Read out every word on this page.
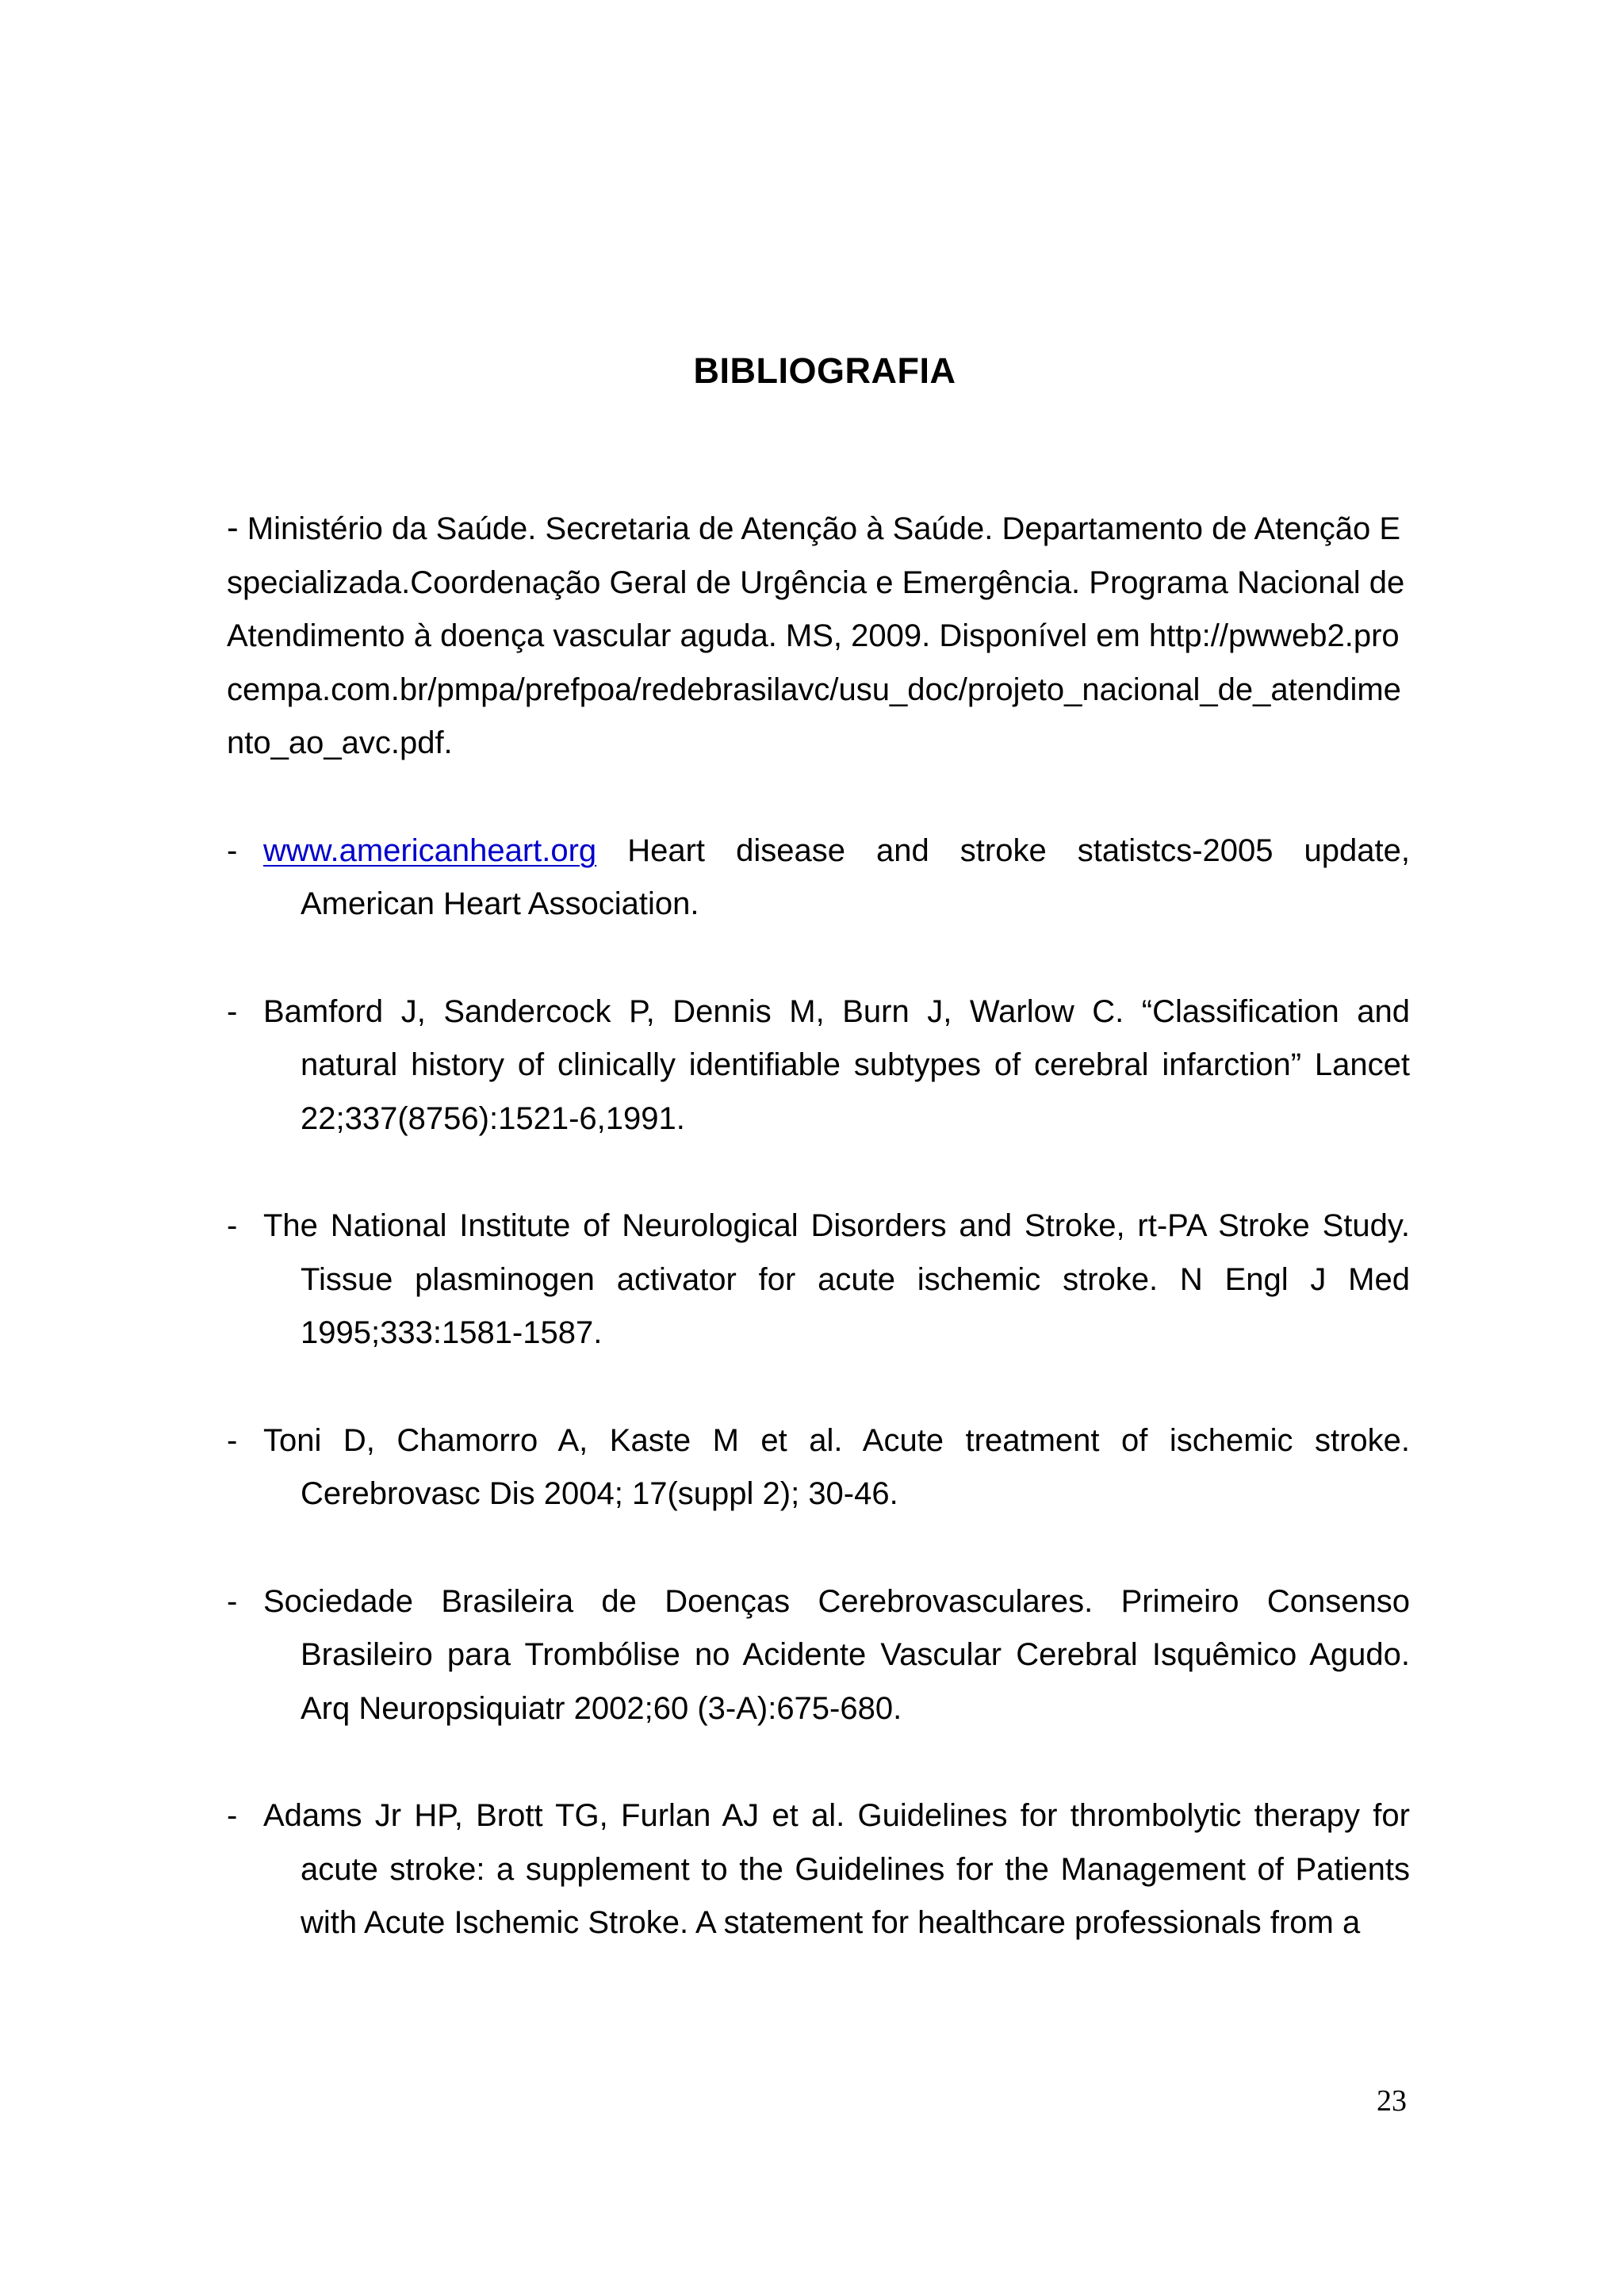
BIBLIOGRAFIA

- Ministério da Saúde. Secretaria de Atenção à Saúde. Departamento de Atenção Especializada.Coordenação Geral de Urgência e Emergência. Programa Nacional de Atendimento à doença vascular aguda. MS, 2009. Disponível em http://pwweb2.procempa.com.br/pmpa/prefpoa/redebrasilavc/usu_doc/projeto_nacional_de_atendimento_ao_avc.pdf.

- www.americanheart.org Heart disease and stroke statistcs-2005 update, American Heart Association.

- Bamford J, Sandercock P, Dennis M, Burn J, Warlow C. “Classification and natural history of clinically identifiable subtypes of cerebral infarction” Lancet 22;337(8756):1521-6,1991.

- The National Institute of Neurological Disorders and Stroke, rt-PA Stroke Study. Tissue plasminogen activator for acute ischemic stroke. N Engl J Med 1995;333:1581-1587.

- Toni D, Chamorro A, Kaste M et al. Acute treatment of ischemic stroke. Cerebrovasc Dis 2004; 17(suppl 2); 30-46.

- Sociedade Brasileira de Doenças Cerebrovasculares. Primeiro Consenso Brasileiro para Trombólise no Acidente Vascular Cerebral Isquêmico Agudo. Arq Neuropsiquiatr 2002;60 (3-A):675-680.

- Adams Jr HP, Brott TG, Furlan AJ et al. Guidelines for thrombolytic therapy for acute stroke: a supplement to the Guidelines for the Management of Patients with Acute Ischemic Stroke. A statement for healthcare professionals from a

23
